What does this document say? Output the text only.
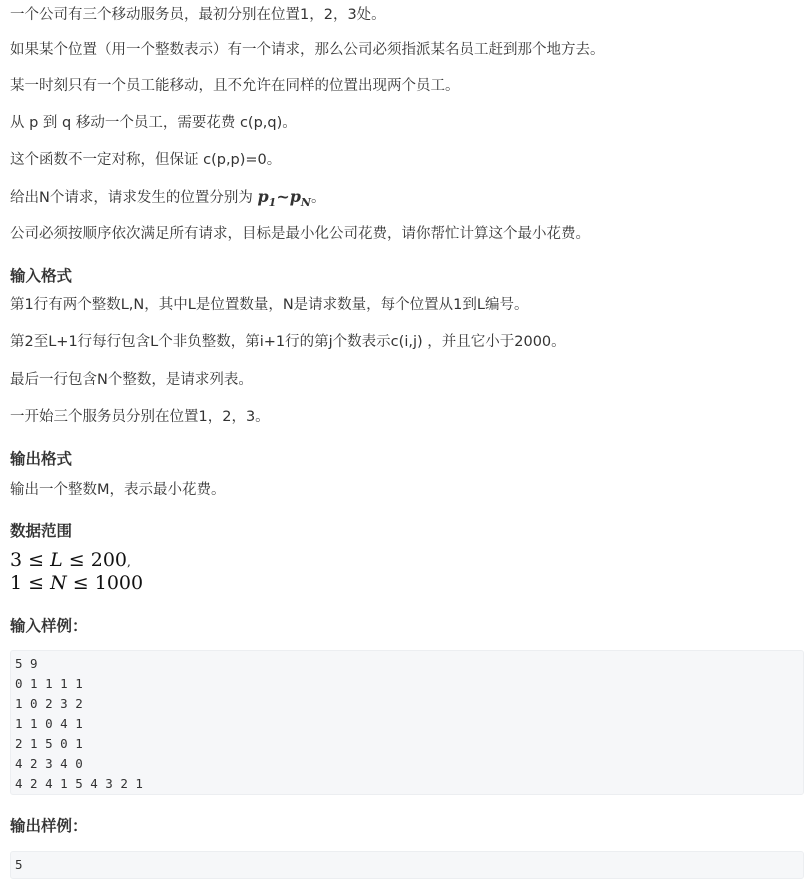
一个公司有三个移动服务员，最初分别在位置1，2，3处。

如果某个位置（用一个整数表示）有一个请求，那么公司必须指派某名员工赶到那个地方去。

某一时刻只有一个员工能移动，且不允许在同样的位置出现两个员工。

从 p 到 q 移动一个员工，需要花费 c(p,q)。

这个函数不一定对称，但保证 c(p,p)=0。

给出N个请求，请求发生的位置分别为 $p_1\sim p_N$。

公司必须按顺序依次满足所有请求，目标是最小化公司花费，请你帮忙计算这个最小花费。

输入格式

第1行有两个整数L,N，其中L是位置数量，N是请求数量，每个位置从1到L编号。

第2至L+1行每行包含L个非负整数，第i+1行的第j个数表示c(i,j) ，并且它小于2000。

最后一行包含N个整数，是请求列表。

一开始三个服务员分别在位置1，2，3。

输出格式

输出一个整数M，表示最小花费。

数据范围
3 ≤ L ≤ 200,
1 ≤ N ≤ 1000
输入样例：
5 9
0 1 1 1 1
1 0 2 3 2
1 1 0 4 1
2 1 5 0 1
4 2 3 4 0
4 2 4 1 5 4 3 2 1
输出样例：
5
